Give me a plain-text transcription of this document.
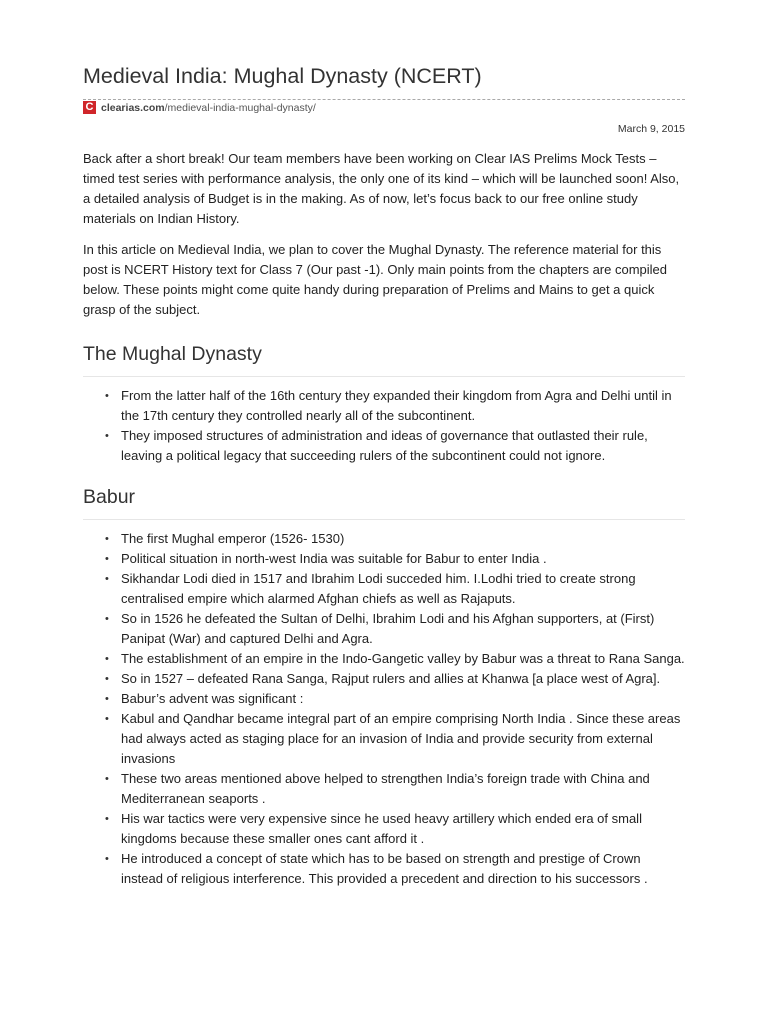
Medieval India: Mughal Dynasty (NCERT)
C clearias.com/medieval-india-mughal-dynasty/
March 9, 2015

Back after a short break! Our team members have been working on Clear IAS Prelims Mock Tests – timed test series with performance analysis, the only one of its kind – which will be launched soon! Also, a detailed analysis of Budget is in the making. As of now, let’s focus back to our free online study materials on Indian History.

In this article on Medieval India, we plan to cover the Mughal Dynasty. The reference material for this post is NCERT History text for Class 7 (Our past -1). Only main points from the chapters are compiled below. These points might come quite handy during preparation of Prelims and Mains to get a quick grasp of the subject.

The Mughal Dynasty
• From the latter half of the 16th century they expanded their kingdom from Agra and Delhi until in the 17th century they controlled nearly all of the subcontinent.
• They imposed structures of administration and ideas of governance that outlasted their rule, leaving a political legacy that succeeding rulers of the subcontinent could not ignore.
Babur
• The first Mughal emperor (1526- 1530)
• Political situation in north-west India was suitable for Babur to enter India .
• Sikhandar Lodi died in 1517 and Ibrahim Lodi succeded him. I.Lodhi tried to create strong centralised empire which alarmed Afghan chiefs as well as Rajaputs.
• So in 1526 he defeated the Sultan of Delhi, Ibrahim Lodi and his Afghan supporters, at (First) Panipat (War) and captured Delhi and Agra.
• The establishment of an empire in the Indo-Gangetic valley by Babur was a threat to Rana Sanga.
• So in 1527 – defeated Rana Sanga, Rajput rulers and allies at Khanwa [a place west of Agra].
• Babur’s advent was significant :
• Kabul and Qandhar became integral part of an empire comprising North India . Since these areas had always acted as staging place for an invasion of India and provide security from external invasions
• These two areas mentioned above helped to strengthen India’s foreign trade with China and Mediterranean seaports .
• His war tactics were very expensive since he used heavy artillery which ended era of small kingdoms because these smaller ones cant afford it .
• He introduced a concept of state which has to be based on strength and prestige of Crown instead of religious interference. This provided a precedent and direction to his successors .
